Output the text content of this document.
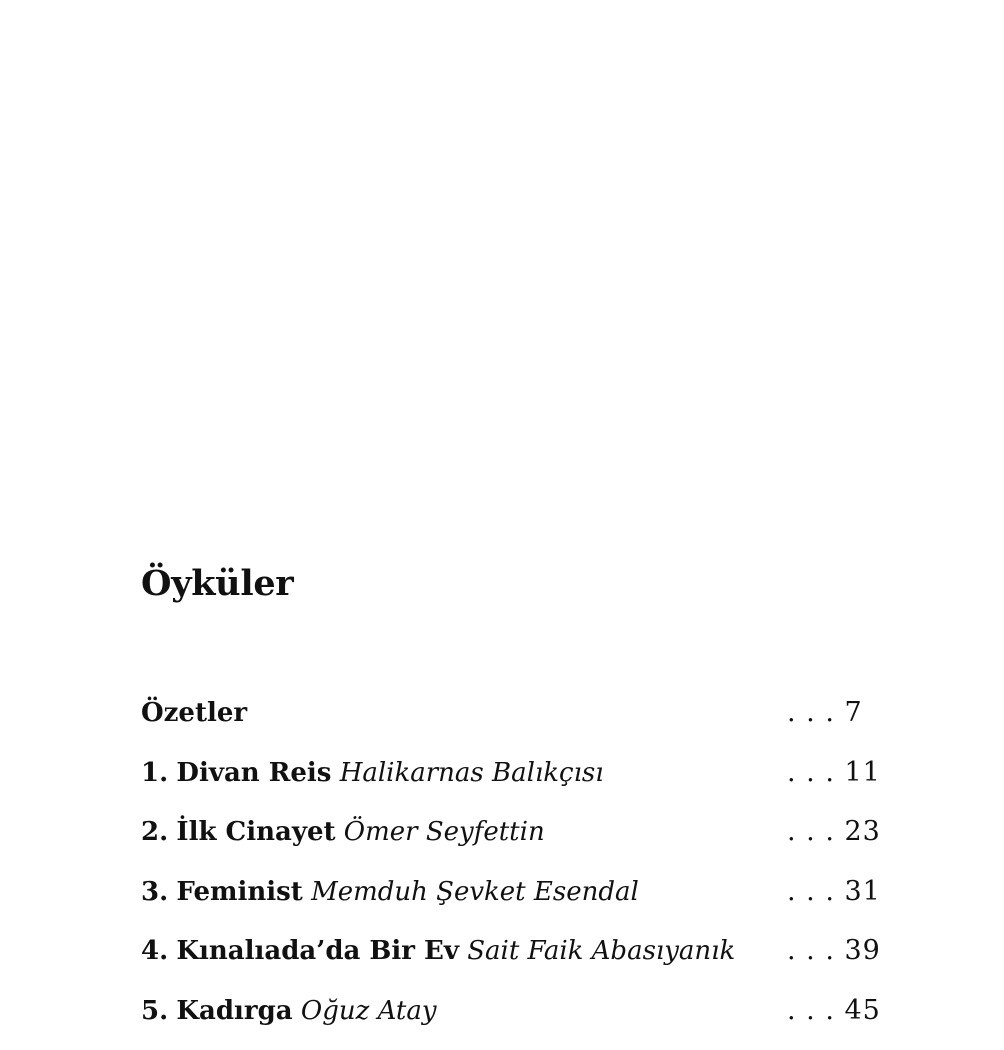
Öyküler
Özetler	. . . 7
1. Divan Reis Halikarnas Balıkçısı	. . . 11
2. İlk Cinayet Ömer Seyfettin	. . . 23
3. Feminist Memduh Şevket Esendal	. . . 31
4. Kınalıada’da Bir Ev Sait Faik Abasıyanık . . . 39
5. Kadırga Oğuz Atay	. . . 45
